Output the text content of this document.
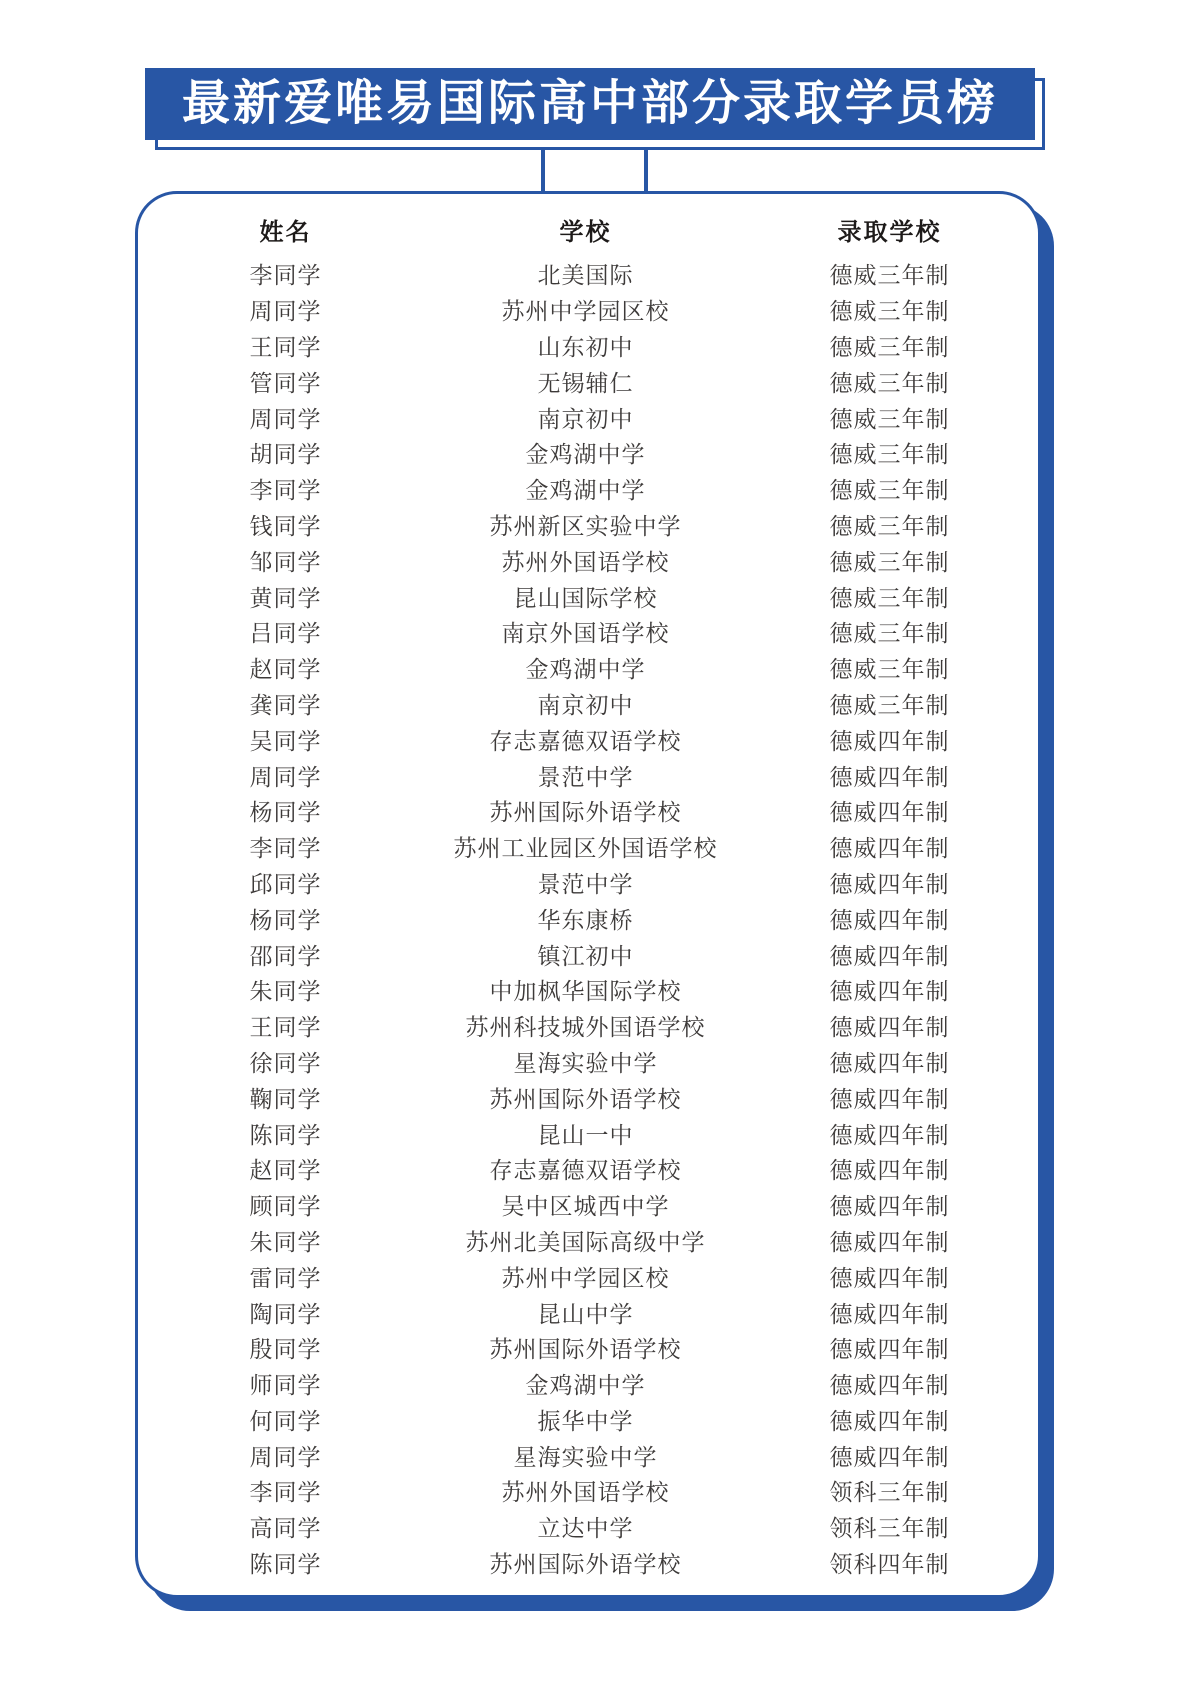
最新爱唯易国际高中部分录取学员榜
姓名	学校	录取学校
李同学	北美国际	德威三年制
周同学	苏州中学园区校	德威三年制
王同学	山东初中	德威三年制
管同学	无锡辅仁	德威三年制
周同学	南京初中	德威三年制
胡同学	金鸡湖中学	德威三年制
李同学	金鸡湖中学	德威三年制
钱同学	苏州新区实验中学	德威三年制
邹同学	苏州外国语学校	德威三年制
黄同学	昆山国际学校	德威三年制
吕同学	南京外国语学校	德威三年制
赵同学	金鸡湖中学	德威三年制
龚同学	南京初中	德威三年制
吴同学	存志嘉德双语学校	德威四年制
周同学	景范中学	德威四年制
杨同学	苏州国际外语学校	德威四年制
李同学	苏州工业园区外国语学校	德威四年制
邱同学	景范中学	德威四年制
杨同学	华东康桥	德威四年制
邵同学	镇江初中	德威四年制
朱同学	中加枫华国际学校	德威四年制
王同学	苏州科技城外国语学校	德威四年制
徐同学	星海实验中学	德威四年制
鞠同学	苏州国际外语学校	德威四年制
陈同学	昆山一中	德威四年制
赵同学	存志嘉德双语学校	德威四年制
顾同学	吴中区城西中学	德威四年制
朱同学	苏州北美国际高级中学	德威四年制
雷同学	苏州中学园区校	德威四年制
陶同学	昆山中学	德威四年制
殷同学	苏州国际外语学校	德威四年制
师同学	金鸡湖中学	德威四年制
何同学	振华中学	德威四年制
周同学	星海实验中学	德威四年制
李同学	苏州外国语学校	领科三年制
高同学	立达中学	领科三年制
陈同学	苏州国际外语学校	领科四年制
